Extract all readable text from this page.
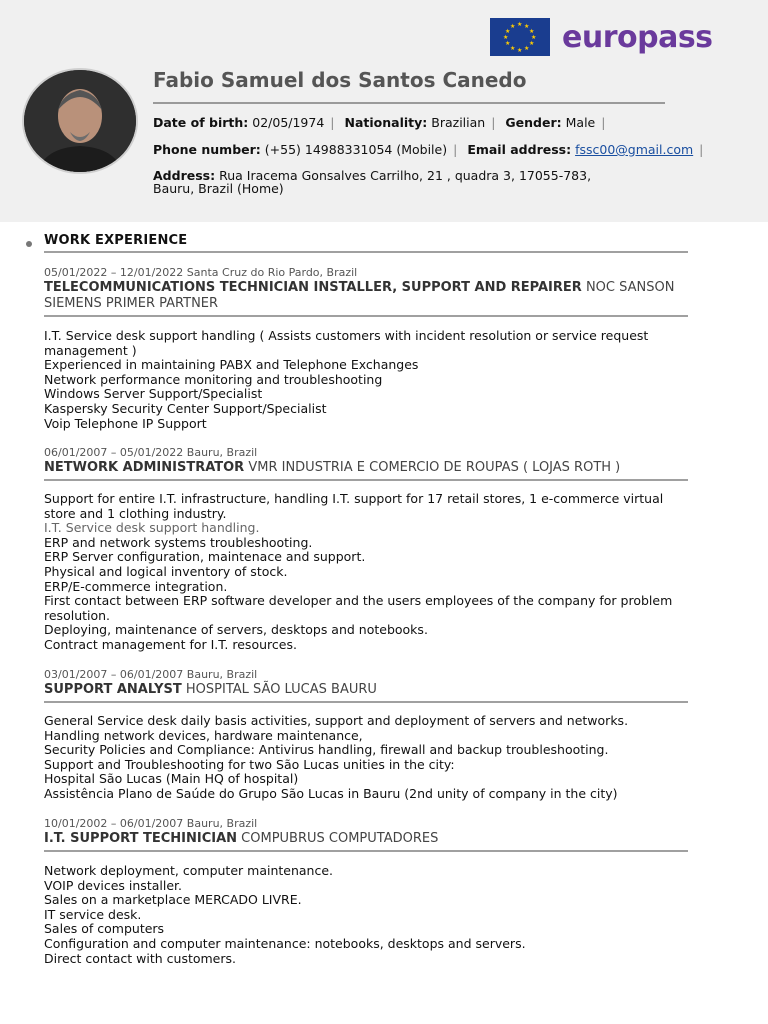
★ ★
★
★
★
★
★
★
★
★
★
★ europass
Fabio Samuel dos Santos Canedo
Date of birth: 02/05/1974 | Nationality: Brazilian | Gender: Male |
Phone number: (+55) 14988331054 (Mobile) | Email address: fssc00@gmail.com |
Address: Rua Iracema Gonsalves Carrilho, 21 , quadra 3, 17055-783, Bauru, Brazil (Home)
WORK EXPERIENCE
05/01/2022 – 12/01/2022 Santa Cruz do Rio Pardo, Brazil
TELECOMMUNICATIONS TECHNICIAN INSTALLER, SUPPORT AND REPAIRER NOC SANSON SIEMENS PRIMER PARTNER
I.T. Service desk support handling ( Assists customers with incident resolution or service request management )
Experienced in maintaining PABX and Telephone Exchanges
Network performance monitoring and troubleshooting
Windows Server Support/Specialist
Kaspersky Security Center Support/Specialist
Voip Telephone IP Support
06/01/2007 – 05/01/2022 Bauru, Brazil
NETWORK ADMINISTRATOR VMR INDUSTRIA E COMERCIO DE ROUPAS ( LOJAS ROTH )
Support for entire I.T. infrastructure, handling I.T. support for 17 retail stores, 1 e-commerce virtual store and 1 clothing industry.
I.T. Service desk support handling.
ERP and network systems troubleshooting.
ERP Server configuration, maintenace and support.
Physical and logical inventory of stock.
ERP/E-commerce integration.
First contact between ERP software developer and the users employees of the company for problem resolution.
Deploying, maintenance of servers, desktops and notebooks.
Contract management for I.T. resources.
03/01/2007 – 06/01/2007 Bauru, Brazil
SUPPORT ANALYST HOSPITAL SÃO LUCAS BAURU
General Service desk daily basis activities, support and deployment of servers and networks.
Handling network devices, hardware maintenance,
Security Policies and Compliance: Antivirus handling, firewall and backup troubleshooting.
Support and Troubleshooting for two São Lucas unities in the city:
Hospital São Lucas (Main HQ of hospital)
Assistência Plano de Saúde do Grupo São Lucas in Bauru (2nd unity of company in the city)
10/01/2002 – 06/01/2007 Bauru, Brazil
I.T. SUPPORT TECHINICIAN COMPUBRUS COMPUTADORES
Network deployment, computer maintenance.
VOIP devices installer.
Sales on a marketplace MERCADO LIVRE.
IT service desk.
Sales of computers
Configuration and computer maintenance: notebooks, desktops and servers.
Direct contact with customers.
